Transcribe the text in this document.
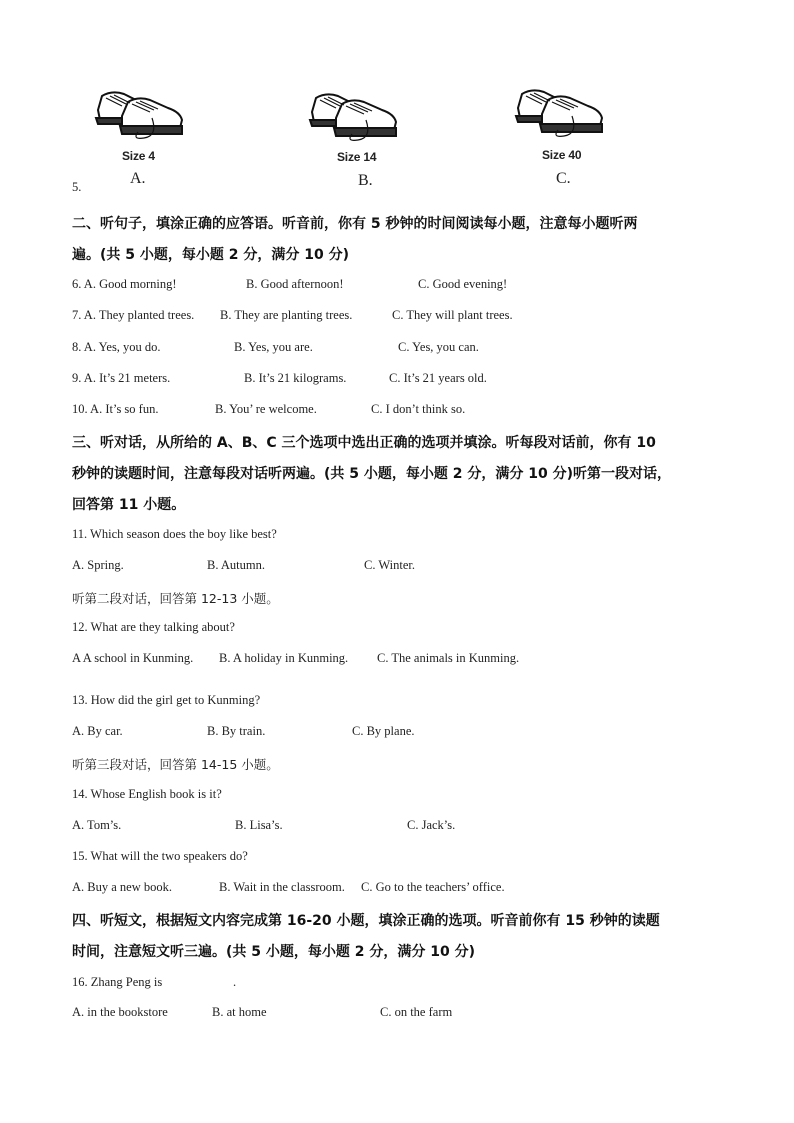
Size 4	Size 14	Size 40
A.	B.	C.
5.
二、听句子，填涂正确的应答语。听音前，你有 5 秒钟的时间阅读每小题，注意每小题听两
遍。(共 5 小题，每小题 2 分，满分 10 分)
6. A. Good morning!	B. Good afternoon!	C. Good evening!
7. A. They planted trees. B. They are planting trees.	C. They will plant trees.
8. A. Yes, you do.	B. Yes, you are.	C. Yes, you can.
9. A. It’s 21 meters.	B. It’s 21 kilograms.	C. It’s 21 years old.
10. A. It’s so fun.	B. You’ re welcome.	C. I don’t think so.
三、听对话，从所给的 A、B、C 三个选项中选出正确的选项并填涂。听每段对话前，你有 10
秒钟的读题时间，注意每段对话听两遍。(共 5 小题，每小题 2 分，满分 10 分)听第一段对话，
回答第 11 小题。
11. Which season does the boy like best?
A. Spring.	B. Autumn.	C. Winter.
听第二段对话，回答第 12-13 小题。
12. What are they talking about?
A A school in Kunming. B. A holiday in Kunming. C. The animals in Kunming.
13. How did the girl get to Kunming?
A. By car.	B. By train.	C. By plane.
听第三段对话，回答第 14-15 小题。
14. Whose English book is it?
A. Tom’s.	B. Lisa’s.	C. Jack’s.
15. What will the two speakers do?
A. Buy a new book.	B. Wait in the classroom. C. Go to the teachers’ office.
四、听短文，根据短文内容完成第 16-20 小题，填涂正确的选项。听音前你有 15 秒钟的读题
时间，注意短文听三遍。(共 5 小题，每小题 2 分，满分 10 分)
16. Zhang Peng is	.
A. in the bookstore	B. at home	C. on the farm
